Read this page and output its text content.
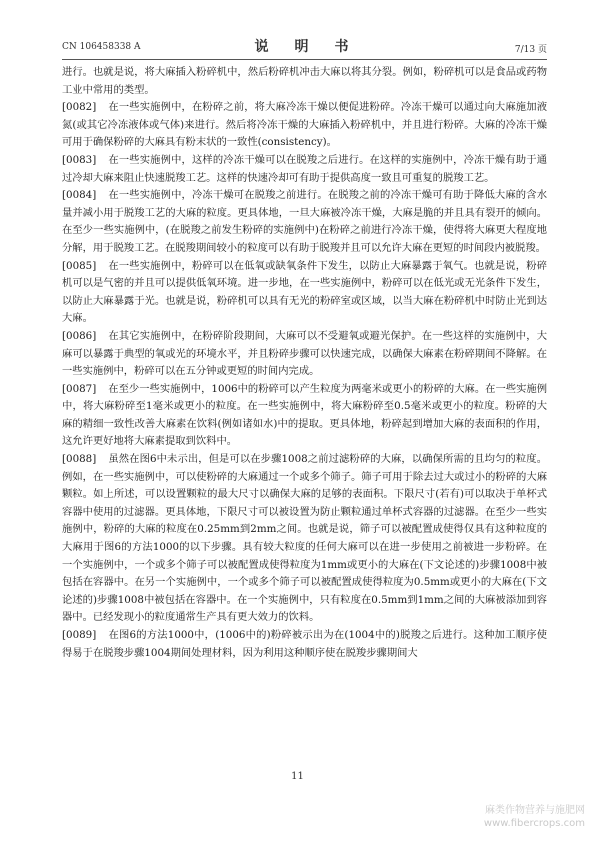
CN 106458338 A	说　明　书	7/13 页

进行。也就是说，将大麻插入粉碎机中，然后粉碎机冲击大麻以将其分裂。例如，粉碎机可以是食品或药物工业中常用的类型。

[0082] 在一些实施例中，在粉碎之前，将大麻冷冻干燥以便促进粉碎。冷冻干燥可以通过向大麻施加液氮(或其它冷冻液体或气体)来进行。然后将冷冻干燥的大麻插入粉碎机中，并且进行粉碎。大麻的冷冻干燥可用于确保粉碎的大麻具有粉末状的一致性(consistency)。

[0083] 在一些实施例中，这样的冷冻干燥可以在脱羧之后进行。在这样的实施例中，冷冻干燥有助于通过冷却大麻来阻止快速脱羧工艺。这样的快速冷却可有助于提供高度一致且可重复的脱羧工艺。

[0084] 在一些实施例中，冷冻干燥可在脱羧之前进行。在脱羧之前的冷冻干燥可有助于降低大麻的含水量并减小用于脱羧工艺的大麻的粒度。更具体地，一旦大麻被冷冻干燥，大麻是脆的并且具有裂开的倾向。在至少一些实施例中，(在脱羧之前发生粉碎的实施例中)在粉碎之前进行冷冻干燥，使得将大麻更大程度地分解，用于脱羧工艺。在脱羧期间较小的粒度可以有助于脱羧并且可以允许大麻在更短的时间段内被脱羧。

[0085] 在一些实施例中，粉碎可以在低氧或缺氧条件下发生，以防止大麻暴露于氧气。也就是说，粉碎机可以是气密的并且可以提供低氧环境。进一步地，在一些实施例中，粉碎可以在低光或无光条件下发生，以防止大麻暴露于光。也就是说，粉碎机可以具有无光的粉碎室或区域，以当大麻在粉碎机中时防止光到达大麻。

[0086] 在其它实施例中，在粉碎阶段期间，大麻可以不受避氧或避光保护。在一些这样的实施例中，大麻可以暴露于典型的氧或光的环境水平，并且粉碎步骤可以快速完成，以确保大麻素在粉碎期间不降解。在一些实施例中，粉碎可以在五分钟或更短的时间内完成。

[0087] 在至少一些实施例中，1006中的粉碎可以产生粒度为两毫米或更小的粉碎的大麻。在一些实施例中，将大麻粉碎至1毫米或更小的粒度。在一些实施例中，将大麻粉碎至0.5毫米或更小的粒度。粉碎的大麻的精细一致性改善大麻素在饮料(例如诸如水)中的提取。更具体地，粉碎起到增加大麻的表面积的作用，这允许更好地将大麻素提取到饮料中。

[0088] 虽然在图6中未示出，但是可以在步骤1008之前过滤粉碎的大麻，以确保所需的且均匀的粒度。例如，在一些实施例中，可以使粉碎的大麻通过一个或多个筛子。筛子可用于除去过大或过小的粉碎的大麻颗粒。如上所述，可以设置颗粒的最大尺寸以确保大麻的足够的表面积。下限尺寸(若有)可以取决于单杯式容器中使用的过滤器。更具体地，下限尺寸可以被设置为防止颗粒通过单杯式容器的过滤器。在至少一些实施例中，粉碎的大麻的粒度在0.25mm到2mm之间。也就是说，筛子可以被配置成使得仅具有这种粒度的大麻用于图6的方法1000的以下步骤。具有较大粒度的任何大麻可以在进一步使用之前被进一步粉碎。在一个实施例中，一个或多个筛子可以被配置成使得粒度为1mm或更小的大麻在(下文论述的)步骤1008中被包括在容器中。在另一个实施例中，一个或多个筛子可以被配置成使得粒度为0.5mm或更小的大麻在(下文论述的)步骤1008中被包括在容器中。在一个实施例中，只有粒度在0.5mm到1mm之间的大麻被添加到容器中。已经发现小的粒度通常生产具有更大效力的饮料。

[0089] 在图6的方法1000中，(1006中的)粉碎被示出为在(1004中的)脱羧之后进行。这种加工顺序使得易于在脱羧步骤1004期间处理材料，因为利用这种顺序使在脱羧步骤期间大

11
麻类作物营养与施肥网
www.fibercrops.com
